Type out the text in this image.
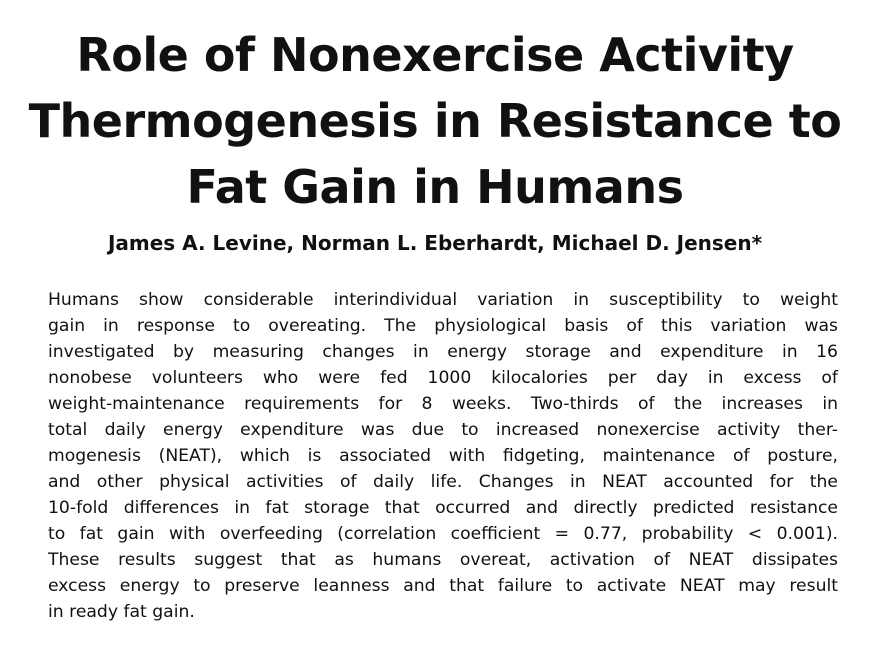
Role of Nonexercise Activity
Thermogenesis in Resistance to
Fat Gain in Humans

James A. Levine, Norman L. Eberhardt, Michael D. Jensen*

Humans show considerable interindividual variation in susceptibility to weight
gain in response to overeating. The physiological basis of this variation was
investigated by measuring changes in energy storage and expenditure in 16
nonobese volunteers who were fed 1000 kilocalories per day in excess of
weight-maintenance requirements for 8 weeks. Two-thirds of the increases in
total daily energy expenditure was due to increased nonexercise activity ther-
mogenesis (NEAT), which is associated with fidgeting, maintenance of posture,
and other physical activities of daily life. Changes in NEAT accounted for the
10-fold differences in fat storage that occurred and directly predicted resistance
to fat gain with overfeeding (correlation coefficient = 0.77, probability < 0.001).
These results suggest that as humans overeat, activation of NEAT dissipates
excess energy to preserve leanness and that failure to activate NEAT may result
in ready fat gain.
